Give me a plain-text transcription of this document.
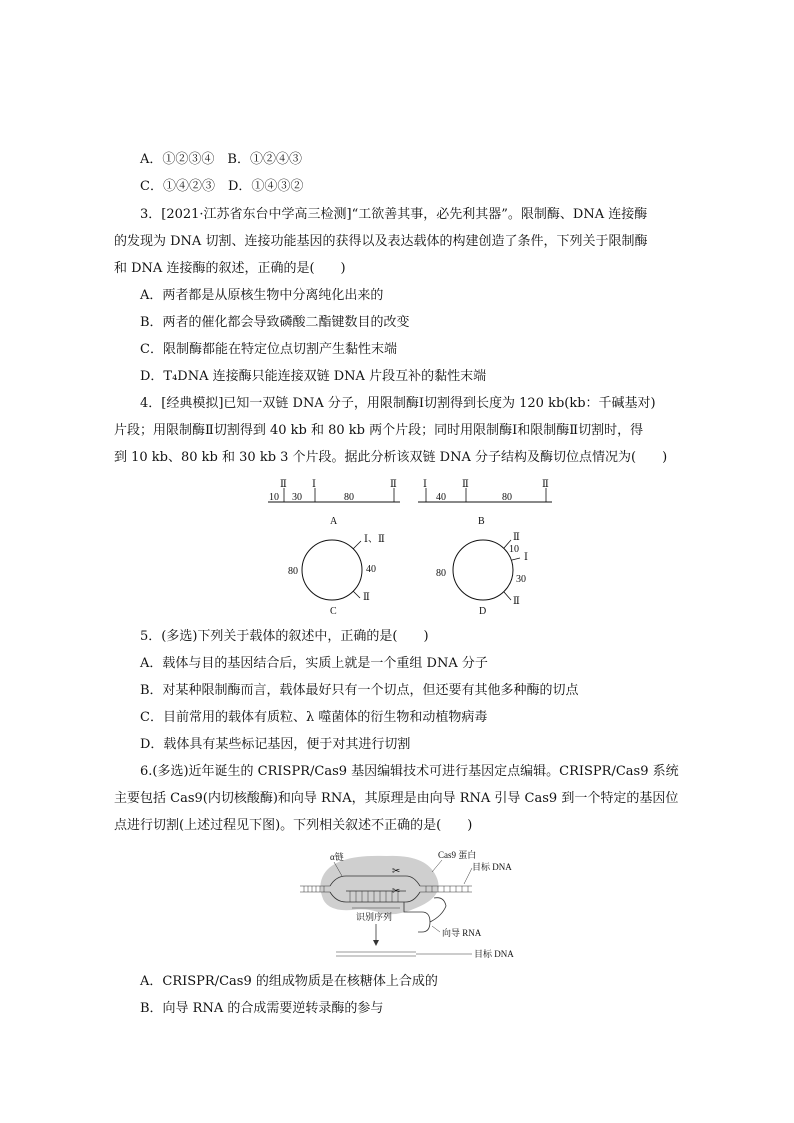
A．①②③④　B．①②④③
C．①④②③　D．①④③②
3．[2021·江苏省东台中学高三检测]“工欲善其事，必先利其器”。限制酶、DNA 连接酶
的发现为 DNA 切割、连接功能基因的获得以及表达载体的构建创造了条件，下列关于限制酶
和 DNA 连接酶的叙述，正确的是(　　)
A．两者都是从原核生物中分离纯化出来的
B．两者的催化都会导致磷酸二酯键数目的改变
C．限制酶都能在特定位点切割产生黏性末端
D．T₄DNA 连接酶只能连接双链 DNA 片段互补的黏性末端
4．[经典模拟]已知一双链 DNA 分子，用限制酶Ⅰ切割得到长度为 120 kb(kb：千碱基对)
片段；用限制酶Ⅱ切割得到 40 kb 和 80 kb 两个片段；同时用限制酶Ⅰ和限制酶Ⅱ切割时，得
到 10 kb、80 kb 和 30 kb 3 个片段。据此分析该双链 DNA 分子结构及酶切位点情况为(　　)
Ⅱ	Ⅰ	Ⅱ
10 30	80
A
Ⅰ	Ⅱ	Ⅱ
40	80
B
Ⅰ、Ⅱ
Ⅱ
80	40
C
Ⅱ
Ⅰ
Ⅱ
10
30
80
D
5．(多选)下列关于载体的叙述中，正确的是(　　)
A．载体与目的基因结合后，实质上就是一个重组 DNA 分子
B．对某种限制酶而言，载体最好只有一个切点，但还要有其他多种酶的切点
C．目前常用的载体有质粒、λ 噬菌体的衍生物和动植物病毒
D．载体具有某些标记基因，便于对其进行切割
6.(多选)近年诞生的 CRISPR/Cas9 基因编辑技术可进行基因定点编辑。CRISPR/Cas9 系统
主要包括 Cas9(内切核酸酶)和向导 RNA，其原理是由向导 RNA 引导 Cas9 到一个特定的基因位
点进行切割(上述过程见下图)。下列相关叙述不正确的是(　　)
✂
✂
α链	Cas9 蛋白
目标 DNA
识别序列
向导 RNA
目标 DNA
A．CRISPR/Cas9 的组成物质是在核糖体上合成的
B．向导 RNA 的合成需要逆转录酶的参与
